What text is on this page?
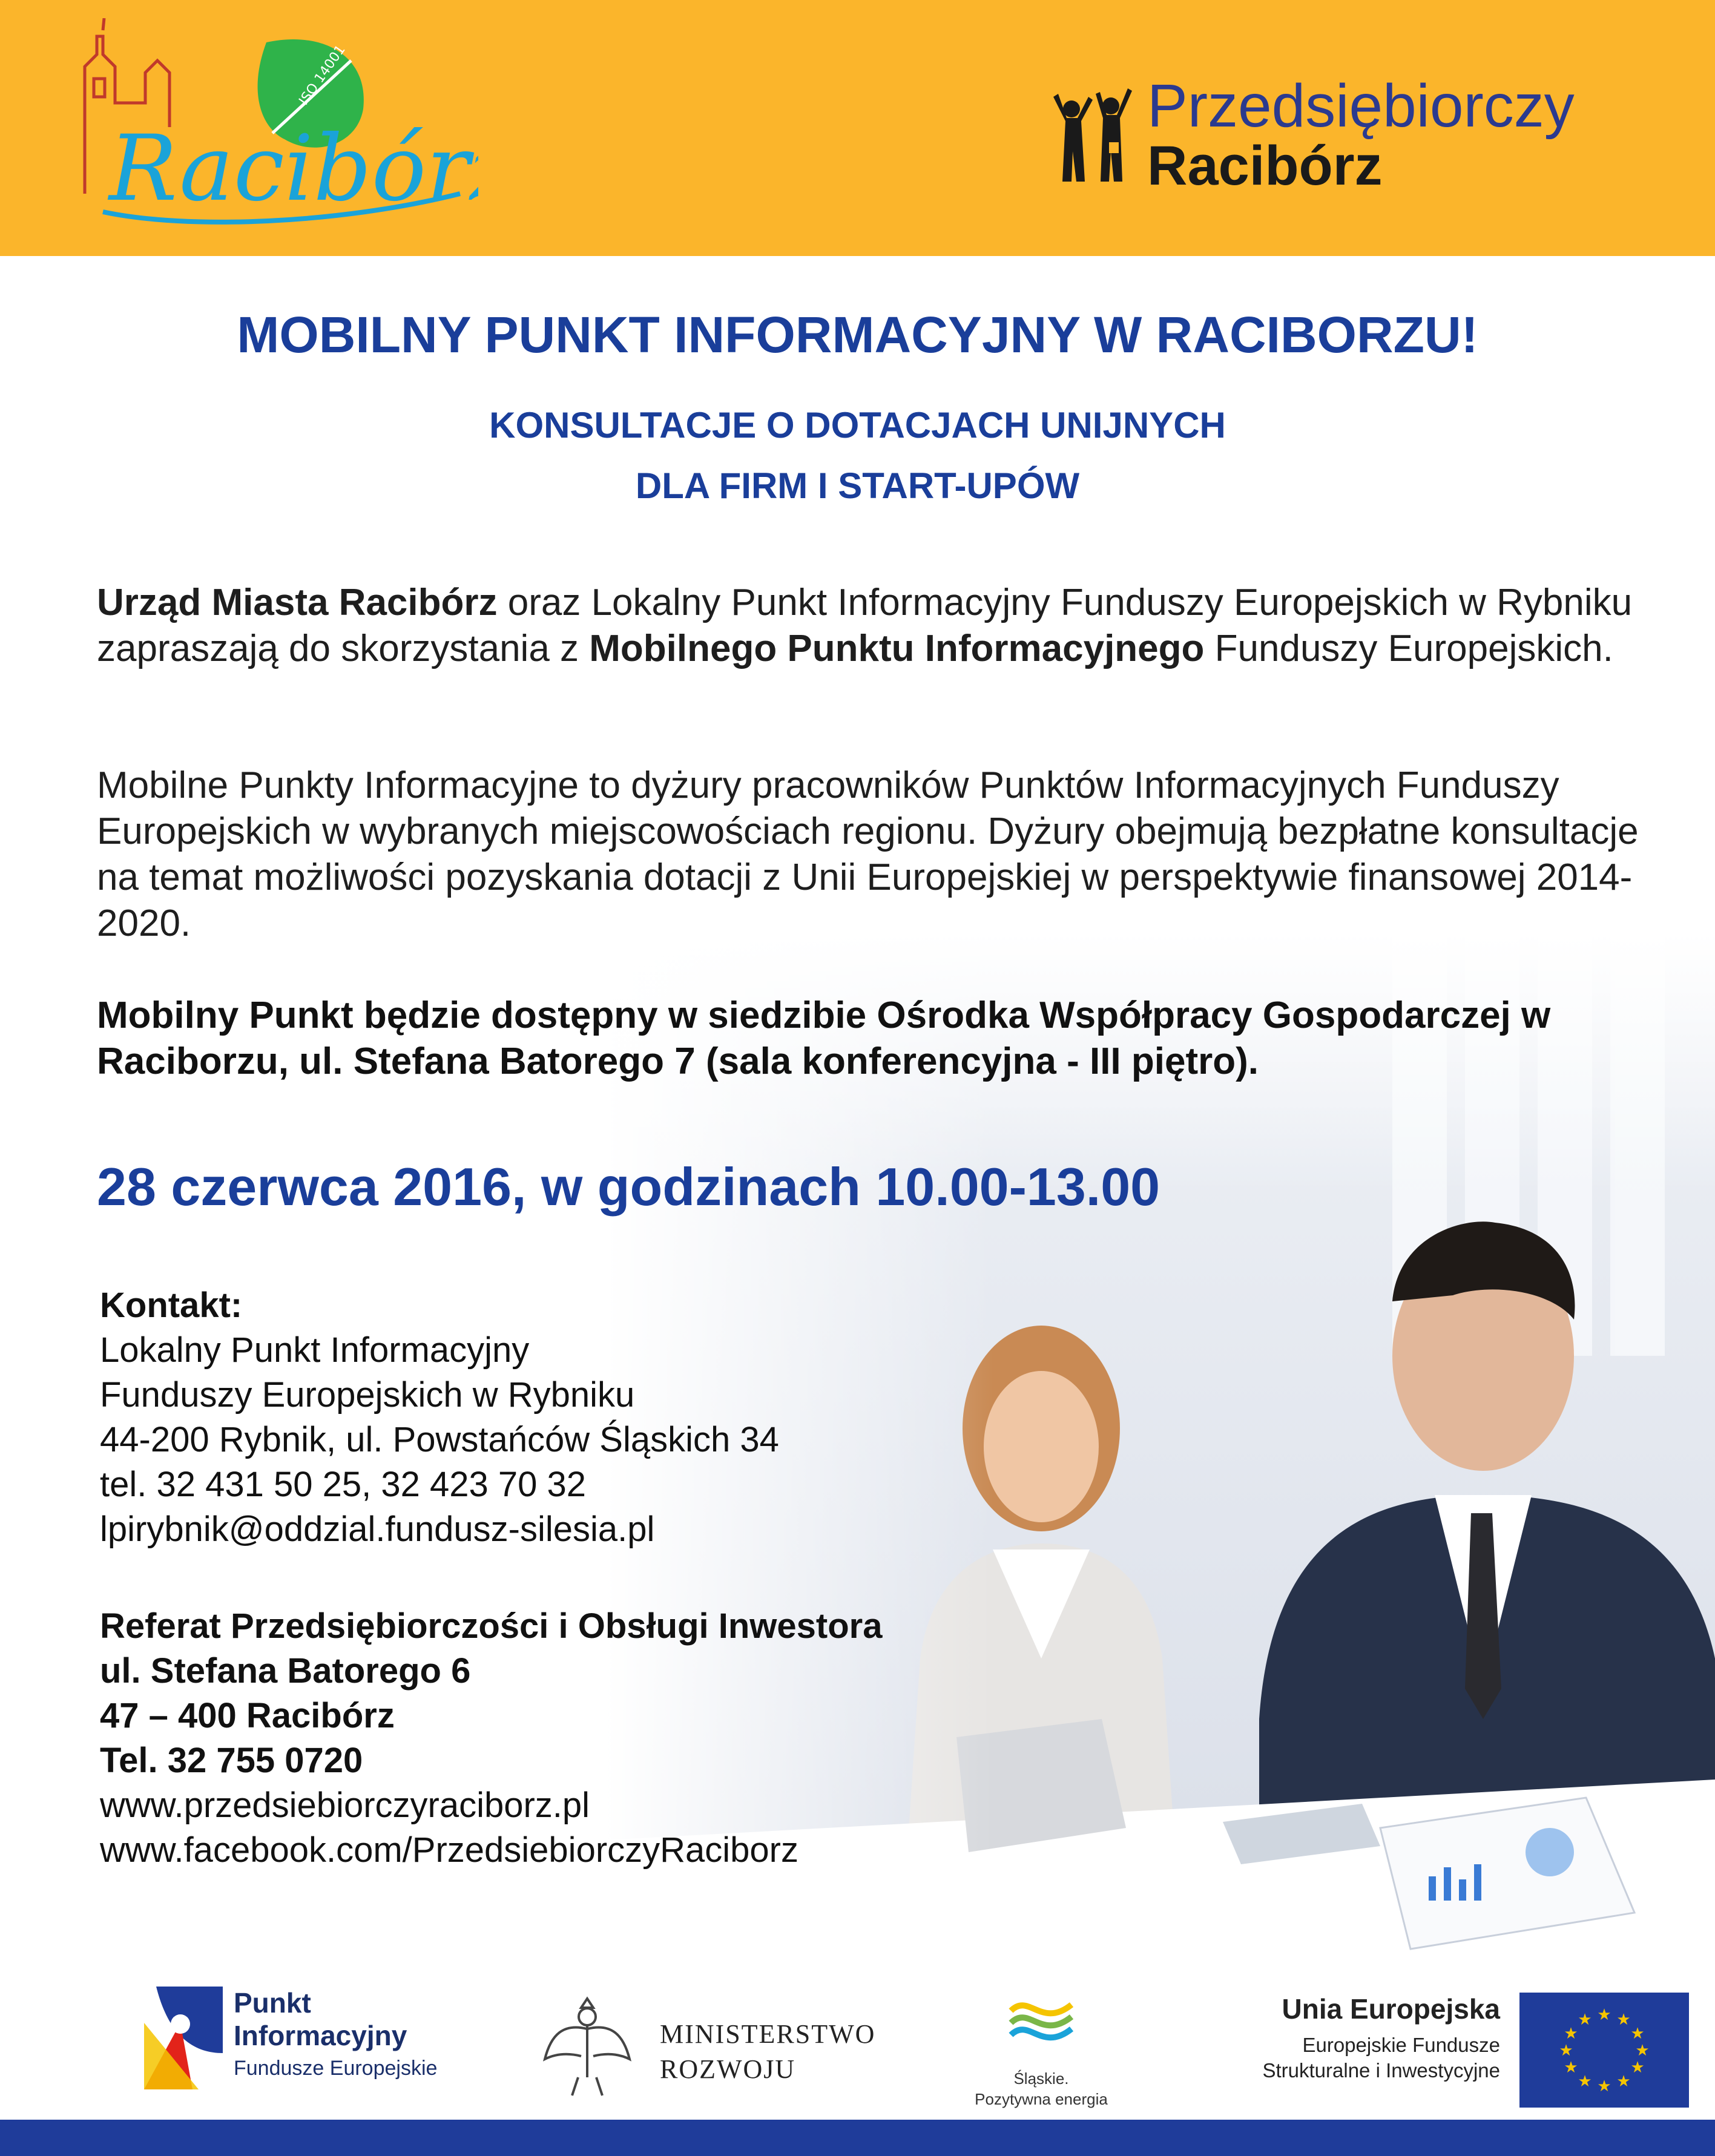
ISO 14001
Racibórz
Przedsiębiorczy
Racibórz
MOBILNY PUNKT INFORMACYJNY W RACIBORZU!
KONSULTACJE O DOTACJACH UNIJNYCH
DLA FIRM I START-UPÓW
Urząd Miasta Racibórz oraz Lokalny Punkt Informacyjny Funduszy Europejskich w Rybniku zapraszają do skorzystania z Mobilnego Punktu Informacyjnego Funduszy Europejskich.
Mobilne Punkty Informacyjne to dyżury pracowników Punktów Informacyjnych Funduszy Europejskich w wybranych miejscowościach regionu. Dyżury obejmują bezpłatne konsultacje na temat możliwości pozyskania dotacji z Unii Europejskiej w perspektywie finansowej 2014-2020.
Mobilny Punkt będzie dostępny w siedzibie Ośrodka Współpracy Gospodarczej w Raciborzu, ul. Stefana Batorego 7 (sala konferencyjna - III piętro).
28 czerwca 2016, w godzinach 10.00-13.00
Kontakt:
Lokalny Punkt Informacyjny
Funduszy Europejskich w Rybniku
44-200 Rybnik, ul. Powstańców Śląskich 34
tel. 32 431 50 25, 32 423 70 32
lpirybnik@oddzial.fundusz-silesia.pl
Referat Przedsiębiorczości i Obsługi Inwestora
ul. Stefana Batorego 6
47 – 400 Racibórz
Tel. 32 755 0720
www.przedsiebiorczyraciborz.pl
www.facebook.com/PrzedsiebiorczyRaciborz
Punkt
Informacyjny
Fundusze Europejskie
MINISTERSTWO
ROZWOJU	Śląskie.
Pozytywna energia
Unia Europejska
Europejskie Fundusze
Strukturalne i Inwestycyjne
★ ★
★
★
★
★
★
★
★
★
★
★
